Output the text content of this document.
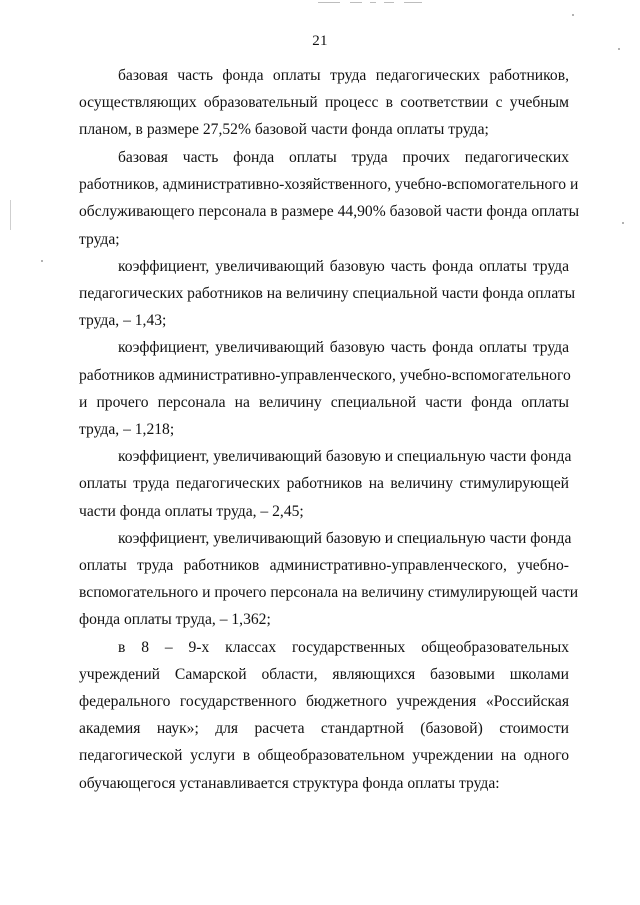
21

базовая часть фонда оплаты труда педагогических работников,
осуществляющих образовательный процесс в соответствии с учебным
планом, в размере 27,52% базовой части фонда оплаты труда;

базовая часть фонда оплаты труда прочих педагогических
работников, административно-хозяйственного, учебно-вспомогательного и
обслуживающего персонала в размере 44,90% базовой части фонда оплаты
труда;

коэффициент, увеличивающий базовую часть фонда оплаты труда
педагогических работников на величину специальной части фонда оплаты
труда, – 1,43;

коэффициент, увеличивающий базовую часть фонда оплаты труда
работников административно-управленческого, учебно-вспомогательного
и прочего персонала на величину специальной части фонда оплаты
труда, – 1,218;

коэффициент, увеличивающий базовую и специальную части фонда
оплаты труда педагогических работников на величину стимулирующей
части фонда оплаты труда, – 2,45;

коэффициент, увеличивающий базовую и специальную части фонда
оплаты труда работников административно-управленческого, учебно-
вспомогательного и прочего персонала на величину стимулирующей части
фонда оплаты труда, – 1,362;

в 8 – 9-х классах государственных общеобразовательных
учреждений Самарской области, являющихся базовыми школами
федерального государственного бюджетного учреждения «Российская
академия наук»; для расчета стандартной (базовой) стоимости
педагогической услуги в общеобразовательном учреждении на одного
обучающегося устанавливается структура фонда оплаты труда:
